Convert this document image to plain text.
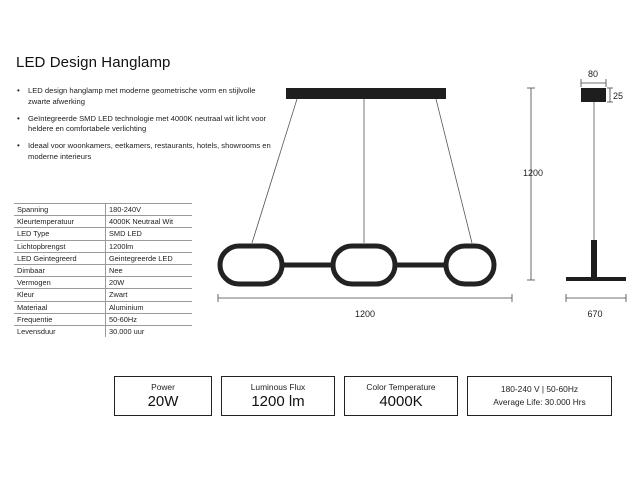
LED Design Hanglamp
• LED design hanglamp met moderne geometrische vorm en stijlvolle zwarte afwerking
• Geïntegreerde SMD LED technologie met 4000K neutraal wit licht voor heldere en comfortabele verlichting
• Ideaal voor woonkamers, eetkamers, restaurants, hotels, showrooms en moderne interieurs
Spanning	180-240V
Kleurtemperatuur	4000K Neutraal Wit
LED Type	SMD LED
Lichtopbrengst	1200lm
LED Geintegreerd	Geintegreerde LED
Dimbaar	Nee
Vermogen	20W
Kleur	Zwart
Materiaal	Aluminium
Frequentie	50-60Hz
Levensduur	30.000 uur
1200
1200
80
25
670
Power
20W
Luminous Flux
1200 lm
Color Temperature
4000K
180-240 V | 50-60Hz
Average Life: 30.000 Hrs
